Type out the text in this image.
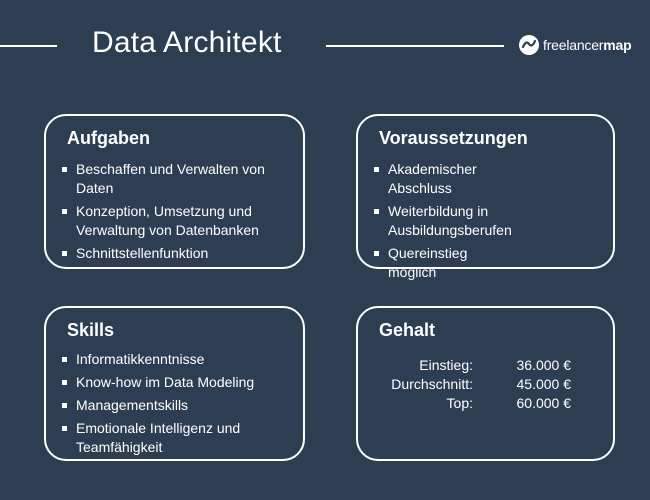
Data Architekt	freelancermap
Aufgaben
Beschaffen und Verwalten von Daten
Konzeption, Umsetzung und Verwaltung von Datenbanken
Schnittstellenfunktion
Voraussetzungen
Akademischer Abschluss
Weiterbildung in Ausbildungsberufen
Quereinstieg möglich
Skills
Informatikkenntnisse
Know-how im Data Modeling
Managementskills
Emotionale Intelligenz und Teamfähigkeit
Gehalt
Einstieg:	36.000 €
Durchschnitt:	45.000 €
Top:	60.000 €
